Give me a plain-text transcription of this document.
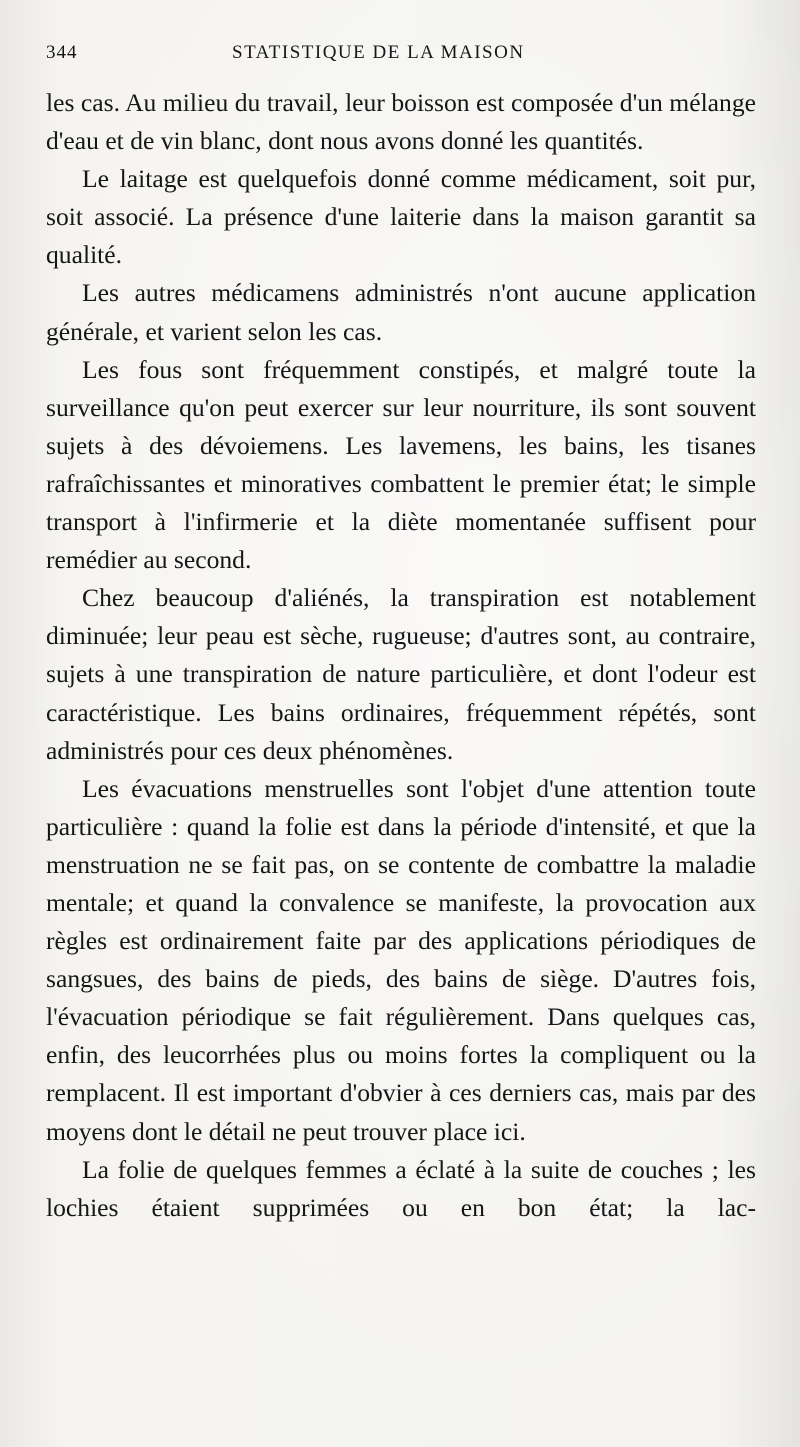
344	STATISTIQUE DE LA MAISON

les cas. Au milieu du travail, leur boisson est composée d'un mélange d'eau et de vin blanc, dont nous avons donné les quantités.

Le laitage est quelquefois donné comme médicament, soit pur, soit associé. La présence d'une laiterie dans la maison garantit sa qualité.

Les autres médicamens administrés n'ont aucune application générale, et varient selon les cas.

Les fous sont fréquemment constipés, et malgré toute la surveillance qu'on peut exercer sur leur nourriture, ils sont souvent sujets à des dévoiemens. Les lavemens, les bains, les tisanes rafraîchissantes et minoratives combattent le premier état; le simple transport à l'infirmerie et la diète momentanée suffisent pour remédier au second.

Chez beaucoup d'aliénés, la transpiration est notablement diminuée; leur peau est sèche, rugueuse; d'autres sont, au contraire, sujets à une transpiration de nature particulière, et dont l'odeur est caractéristique. Les bains ordinaires, fréquemment répétés, sont administrés pour ces deux phénomènes.

Les évacuations menstruelles sont l'objet d'une attention toute particulière : quand la folie est dans la période d'intensité, et que la menstruation ne se fait pas, on se contente de combattre la maladie mentale; et quand la convalence se manifeste, la provocation aux règles est ordinairement faite par des applications périodiques de sangsues, des bains de pieds, des bains de siège. D'autres fois, l'évacuation périodique se fait régulièrement. Dans quelques cas, enfin, des leucorrhées plus ou moins fortes la compliquent ou la remplacent. Il est important d'obvier à ces derniers cas, mais par des moyens dont le détail ne peut trouver place ici.

La folie de quelques femmes a éclaté à la suite de couches ; les lochies étaient supprimées ou en bon état; la lac-
